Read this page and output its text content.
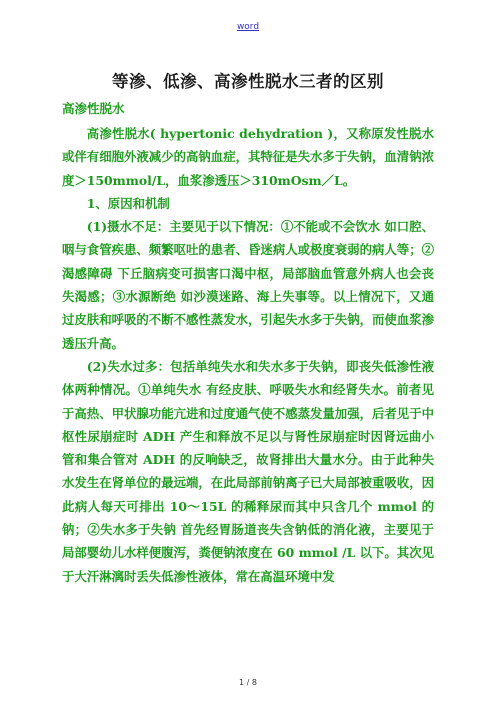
word
等渗、低渗、高渗性脱水三者的区别
高渗性脱水

高渗性脱水( hypertonic dehydration )，又称原发性脱水或伴有细胞外液减少的高钠血症，其特征是失水多于失钠，血清钠浓度＞150mmol/L，血浆渗透压＞310mOsm／L。

1、原因和机制

(1)摄水不足：主要见于以下情况：①不能或不会饮水 如口腔、咽与食管疾患、频繁呕吐的患者、昏迷病人或极度衰弱的病人等；②渴感障碍 下丘脑病变可损害口渴中枢，局部脑血管意外病人也会丧失渴感；③水源断绝 如沙漠迷路、海上失事等。以上情况下，又通过皮肤和呼吸的不断不感性蒸发水，引起失水多于失钠，而使血浆渗透压升高。

(2)失水过多：包括单纯失水和失水多于失钠，即丧失低渗性液体两种情况。①单纯失水 有经皮肤、呼吸失水和经肾失水。前者见于高热、甲状腺功能亢进和过度通气使不感蒸发量加强，后者见于中枢性尿崩症时 ADH 产生和释放不足以与肾性尿崩症时因肾远曲小管和集合管对 ADH 的反响缺乏，故肾排出大量水分。由于此种失水发生在肾单位的最远端，在此局部前钠离子已大局部被重吸收，因此病人每天可排出 10～15L 的稀释尿而其中只含几个 mmol 的钠；②失水多于失钠 首先经胃肠道丧失含钠低的消化液，主要见于局部婴幼儿水样便腹泻，粪便钠浓度在 60 mmol /L 以下。其次见于大汗淋漓时丢失低渗性液体，常在高温环境中发

1 / 8
